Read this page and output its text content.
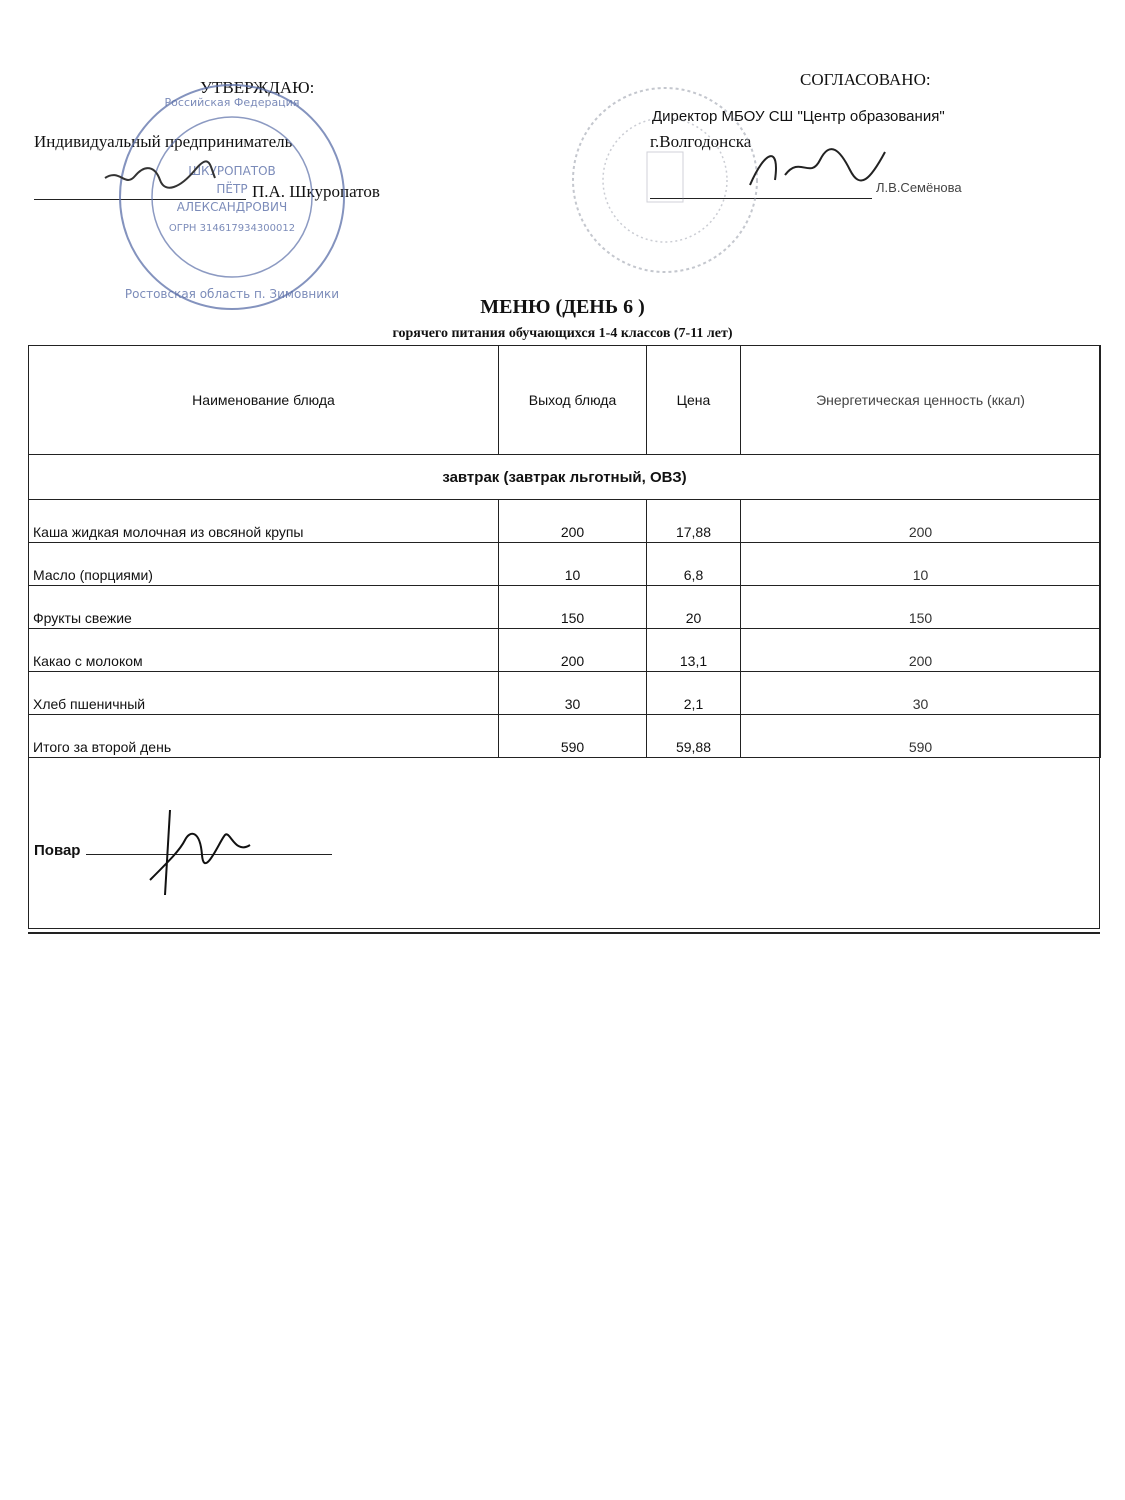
УТВЕРЖДАЮ:
Индивидуальный предприниматель
П.А. Шкуропатов
ШКУРОПАТОВ
ПЁТР
АЛЕКСАНДРОВИЧ
ОГРН 314617934300012
Ростовская область п. Зимовники
Российская Федерация
СОГЛАСОВАНО:
Директор МБОУ СШ "Центр образования"
г.Волгодонска
Л.В.Семёнова
МЕНЮ (ДЕНЬ 6 )
горячего питания обучающихся 1-4 классов (7-11 лет)
Наименование блюда	Выход блюда	Цена	Энергетическая ценность (ккал)
завтрак (завтрак льготный, ОВЗ)			
Каша жидкая молочная из овсяной крупы	200	17,88	200
Масло (порциями)	10	6,8	10
Фрукты свежие	150	20	150
Какао с молоком	200	13,1	200
Хлеб пшеничный	30	2,1	30
Итого за второй день	590	59,88	590
Повар
